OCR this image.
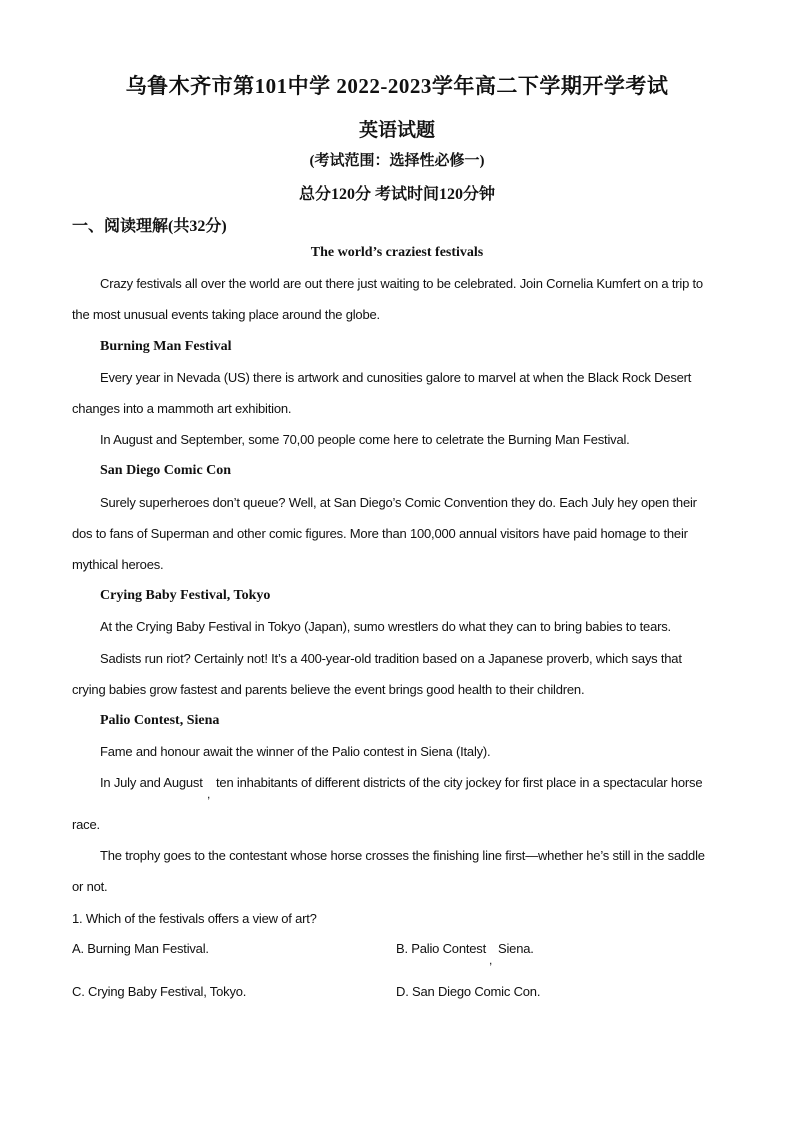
乌鲁木齐市第101中学 2022-2023学年高二下学期开学考试
英语试题
(考试范围：选择性必修一)
总分120分 考试时间120分钟
一、阅读理解(共32分)
The world’s craziest festivals
Crazy festivals all over the world are out there just waiting to be celebrated. Join Cornelia Kumfert on a trip to
the most unusual events taking place around the globe.
Burning Man Festival
Every year in Nevada (US) there is artwork and cunosities galore to marvel at when the Black Rock Desert
changes into a mammoth art exhibition.
In August and September, some 70,00 people come here to celetrate the Burning Man Festival.
San Diego Comic Con
Surely superheroes don’t queue? Well, at San Diego’s Comic Convention they do. Each July hey open their
dos to fans of Superman and other comic figures. More than 100,000 annual visitors have paid homage to their
mythical heroes.
Crying Baby Festival, Tokyo
At the Crying Baby Festival in Tokyo (Japan), sumo wrestlers do what they can to bring babies to tears.
Sadists run riot? Certainly not! It’s a 400-year-old tradition based on a Japanese proverb, which says that
crying babies grow fastest and parents believe the event brings good health to their children.
Palio Contest, Siena
Fame and honour await the winner of the Palio contest in Siena (Italy).
In July and August
,
ten inhabitants of different districts of the city jockey for first place in a spectacular horse
race.
The trophy goes to the contestant whose horse crosses the finishing line first—whether he’s still in the saddle
or not.
1. Which of the festivals offers a view of art?
A. Burning Man Festival.	B. Palio Contest
,
Siena.
C. Crying Baby Festival, Tokyo.	D. San Diego Comic Con.
